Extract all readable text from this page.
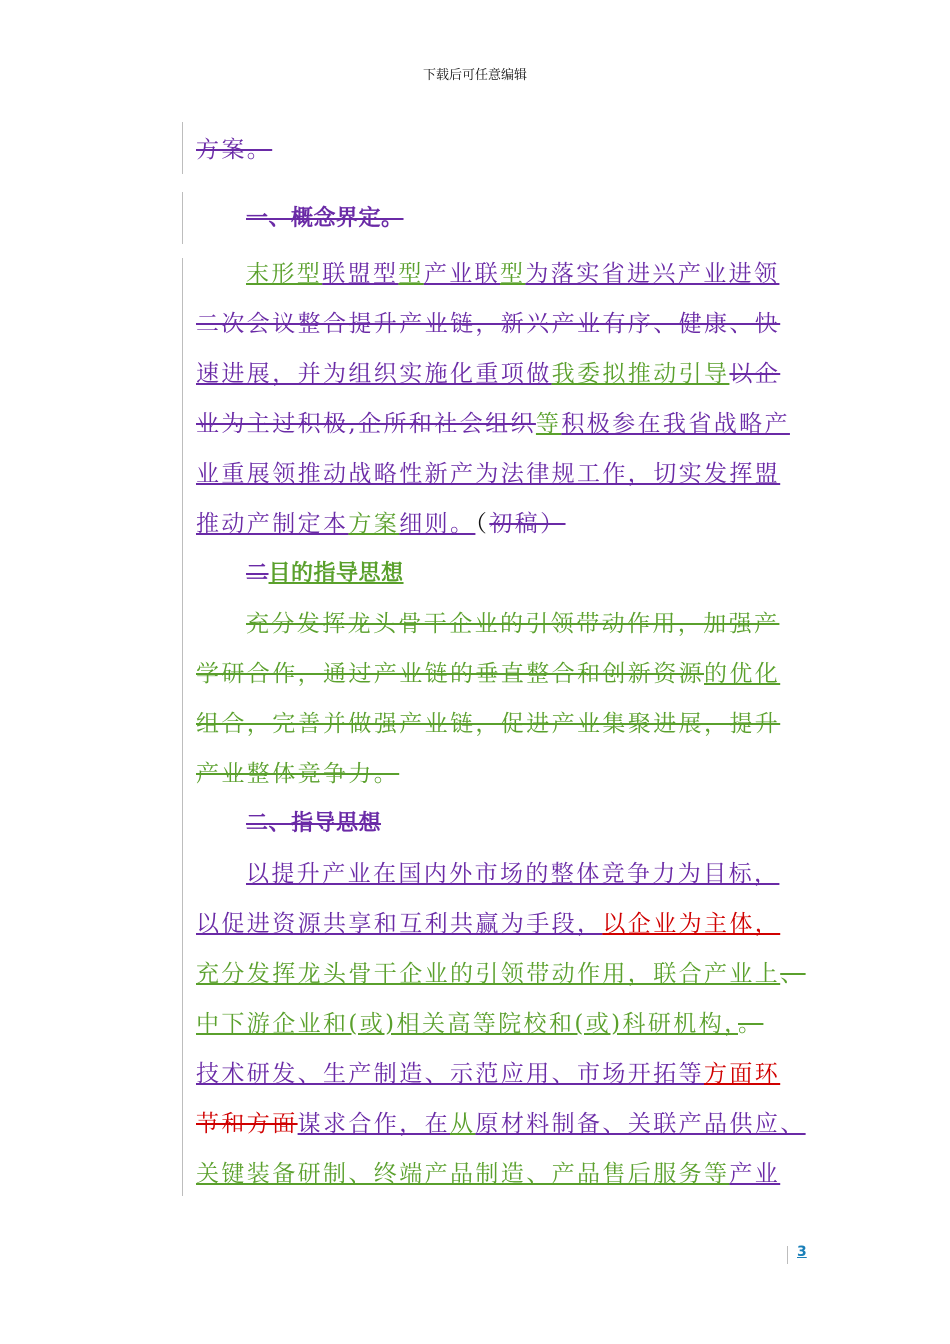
下载后可任意编辑
方案。
一、概念界定。
末形型联盟型型产业联型为落实省进兴产业进领
二次会议整合提升产业链，新兴产业有序、健康、快
速进展，并为组织实施化重项做我委拟推动引导以企
业为主过积极,企所和社会组织等积极参在我省战略产
业重展领推动战略性新产为法律规工作，切实发挥盟
推动产制定本方案细则。（初稿）
二目的指导思想
充分发挥龙头骨干企业的引领带动作用，加强产
学研合作，通过产业链的垂直整合和创新资源的优化
组合，完善并做强产业链，促进产业集聚进展，提升
产业整体竞争力。
二、指导思想
以提升产业在国内外市场的整体竞争力为目标，
以促进资源共享和互利共赢为手段，以企业为主体，
充分发挥龙头骨干企业的引领带动作用，联合产业上、
中下游企业和(或)相关高等院校和(或)科研机构，。
技术研发、生产制造、示范应用、市场开拓等方面环
节和方面谋求合作，在从原材料制备、关联产品供应、
关键装备研制、终端产品制造、产品售后服务等产业
3
